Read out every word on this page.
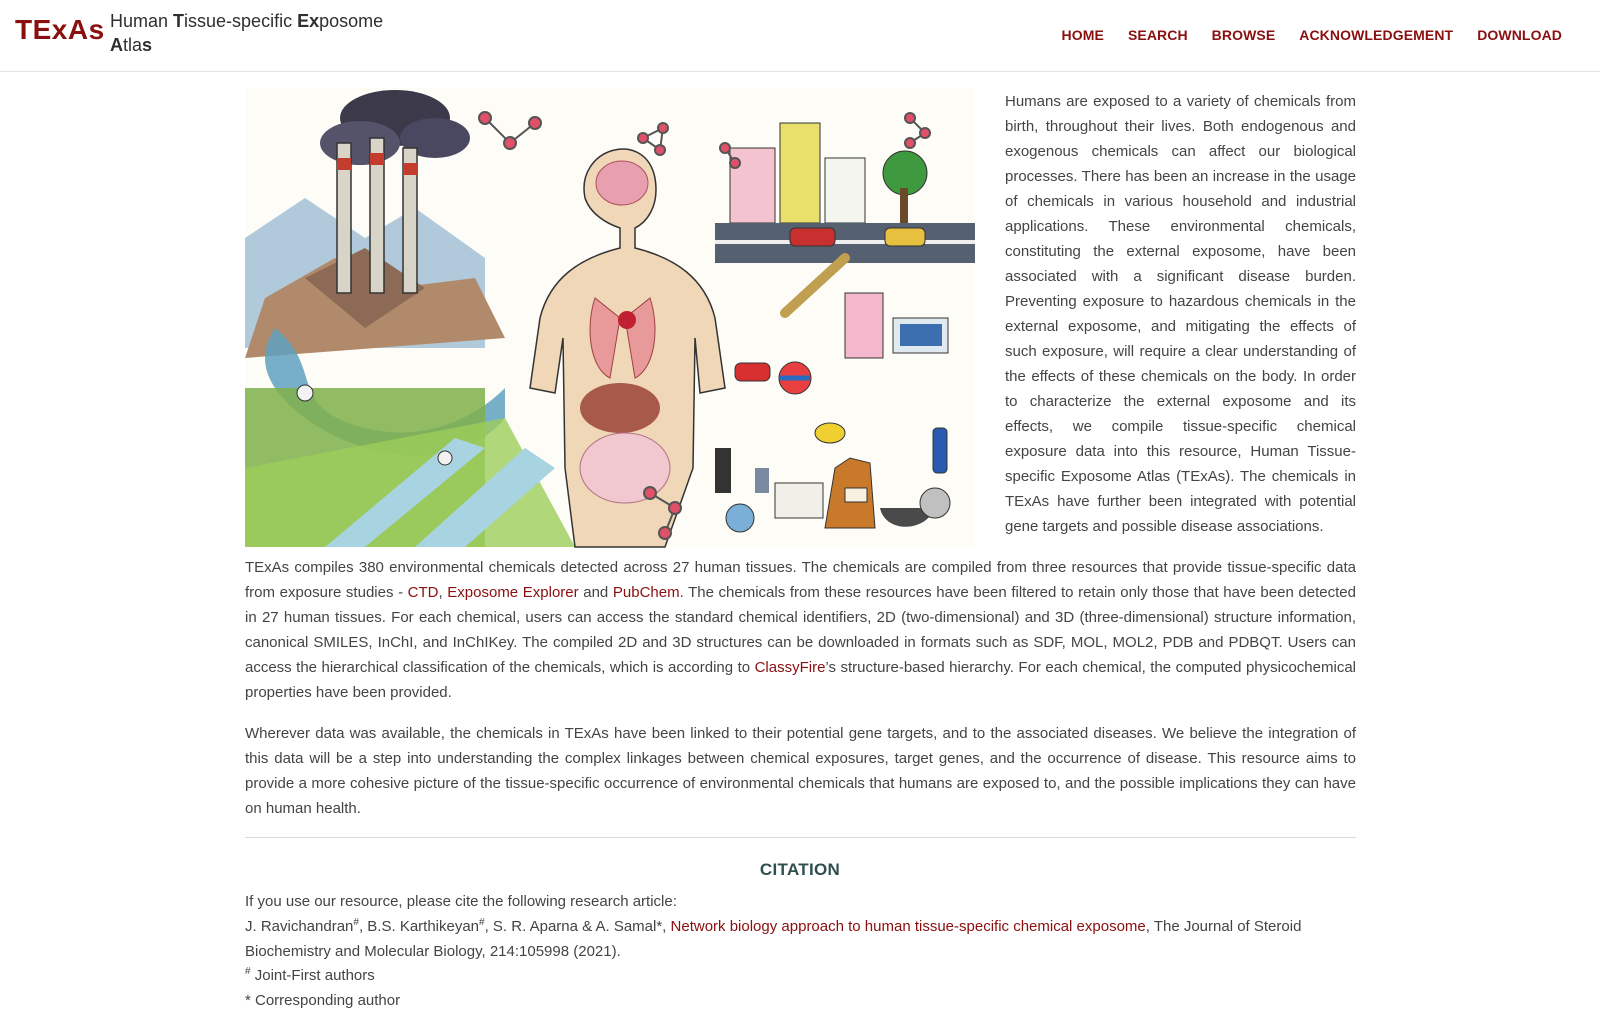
TExAs Human Tissue-specific Exposome
Atlas	HOME SEARCH BROWSE ACKNOWLEDGEMENT DOWNLOAD
Humans are exposed to a variety of chemicals from birth, throughout their lives. Both endogenous and exogenous chemicals can affect our biological processes. There has been an increase in the usage of chemicals in various household and industrial applications. These environmental chemicals, constituting the external exposome, have been associated with a significant disease burden. Preventing exposure to hazardous chemicals in the external exposome, and mitigating the effects of such exposure, will require a clear understanding of the effects of these chemicals on the body. In order to characterize the external exposome and its effects, we compile tissue-specific chemical exposure data into this resource, Human Tissue-specific Exposome Atlas (TExAs). The chemicals in TExAs have further been integrated with potential gene targets and possible disease associations.

TExAs compiles 380 environmental chemicals detected across 27 human tissues. The chemicals are compiled from three resources that provide tissue-specific data from exposure studies - CTD, Exposome Explorer and PubChem. The chemicals from these resources have been filtered to retain only those that have been detected in 27 human tissues. For each chemical, users can access the standard chemical identifiers, 2D (two-dimensional) and 3D (three-dimensional) structure information, canonical SMILES, InChI, and InChIKey. The compiled 2D and 3D structures can be downloaded in formats such as SDF, MOL, MOL2, PDB and PDBQT. Users can access the hierarchical classification of the chemicals, which is according to ClassyFire’s structure-based hierarchy. For each chemical, the computed physicochemical properties have been provided.

Wherever data was available, the chemicals in TExAs have been linked to their potential gene targets, and to the associated diseases. We believe the integration of this data will be a step into understanding the complex linkages between chemical exposures, target genes, and the occurrence of disease. This resource aims to provide a more cohesive picture of the tissue-specific occurrence of environmental chemicals that humans are exposed to, and the possible implications they can have on human health.

CITATION
If you use our resource, please cite the following research article:
J. Ravichandran#, B.S. Karthikeyan#, S. R. Aparna & A. Samal*, Network biology approach to human tissue-specific chemical exposome, The Journal of Steroid Biochemistry and Molecular Biology, 214:105998 (2021).
# Joint-First authors
* Corresponding author
